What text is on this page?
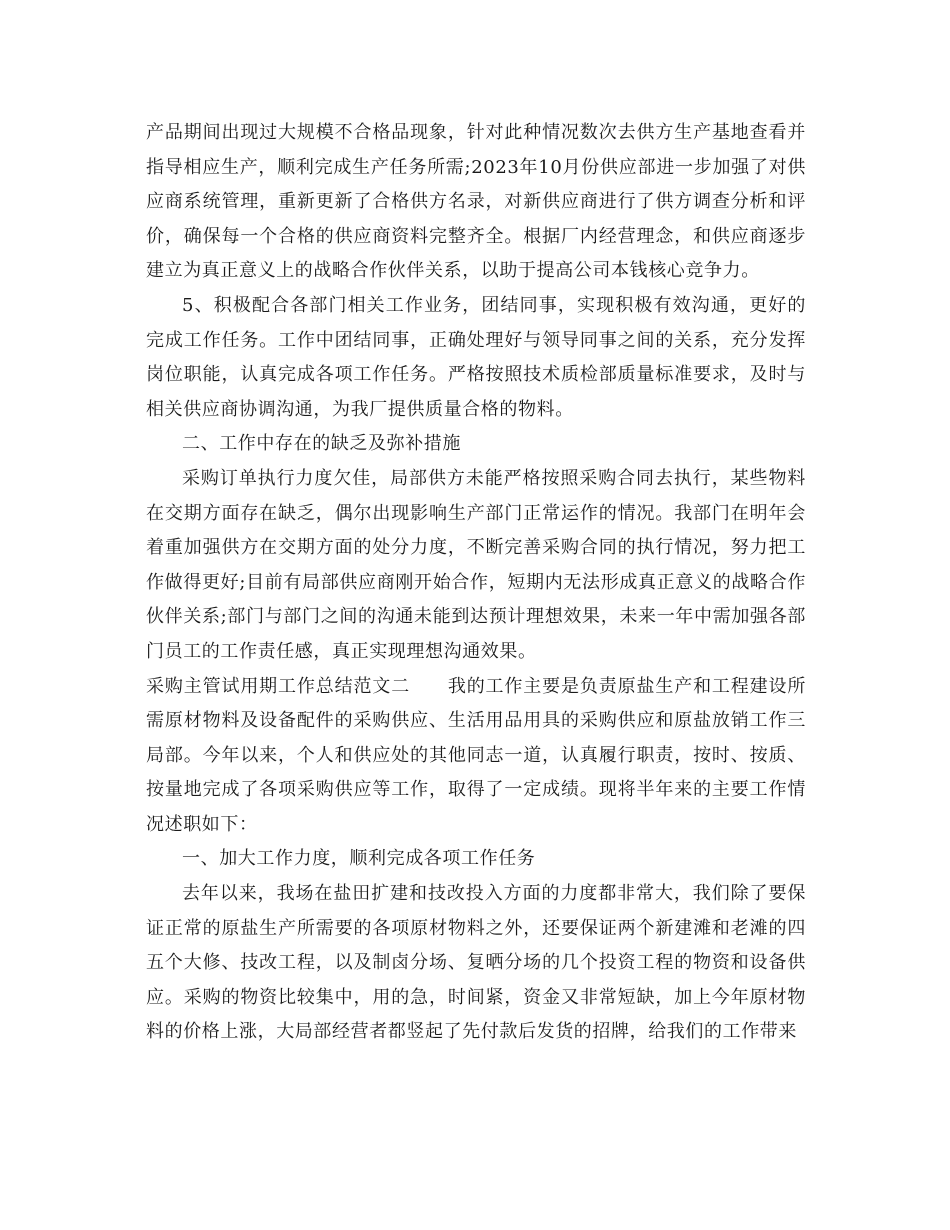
产品期间出现过大规模不合格品现象，针对此种情况数次去供方生产基地查看并指导相应生产，顺利完成生产任务所需;2023年10月份供应部进一步加强了对供应商系统管理，重新更新了合格供方名录，对新供应商进行了供方调查分析和评价，确保每一个合格的供应商资料完整齐全。根据厂内经营理念，和供应商逐步建立为真正意义上的战略合作伙伴关系，以助于提高公司本钱核心竞争力。

5、积极配合各部门相关工作业务，团结同事，实现积极有效沟通，更好的完成工作任务。工作中团结同事，正确处理好与领导同事之间的关系，充分发挥岗位职能，认真完成各项工作任务。严格按照技术质检部质量标准要求，及时与相关供应商协调沟通，为我厂提供质量合格的物料。

二、工作中存在的缺乏及弥补措施

采购订单执行力度欠佳，局部供方未能严格按照采购合同去执行，某些物料在交期方面存在缺乏，偶尔出现影响生产部门正常运作的情况。我部门在明年会着重加强供方在交期方面的处分力度，不断完善采购合同的执行情况，努力把工作做得更好;目前有局部供应商刚开始合作，短期内无法形成真正意义的战略合作伙伴关系;部门与部门之间的沟通未能到达预计理想效果，未来一年中需加强各部门员工的工作责任感，真正实现理想沟通效果。

采购主管试用期工作总结范文二　　我的工作主要是负责原盐生产和工程建设所需原材物料及设备配件的采购供应、生活用品用具的采购供应和原盐放销工作三局部。今年以来，个人和供应处的其他同志一道，认真履行职责，按时、按质、按量地完成了各项采购供应等工作，取得了一定成绩。现将半年来的主要工作情况述职如下：

一、加大工作力度，顺利完成各项工作任务

去年以来，我场在盐田扩建和技改投入方面的力度都非常大，我们除了要保证正常的原盐生产所需要的各项原材物料之外，还要保证两个新建滩和老滩的四五个大修、技改工程，以及制卤分场、复晒分场的几个投资工程的物资和设备供应。采购的物资比较集中，用的急，时间紧，资金又非常短缺，加上今年原材物料的价格上涨，大局部经营者都竖起了先付款后发货的招牌，给我们的工作带来
